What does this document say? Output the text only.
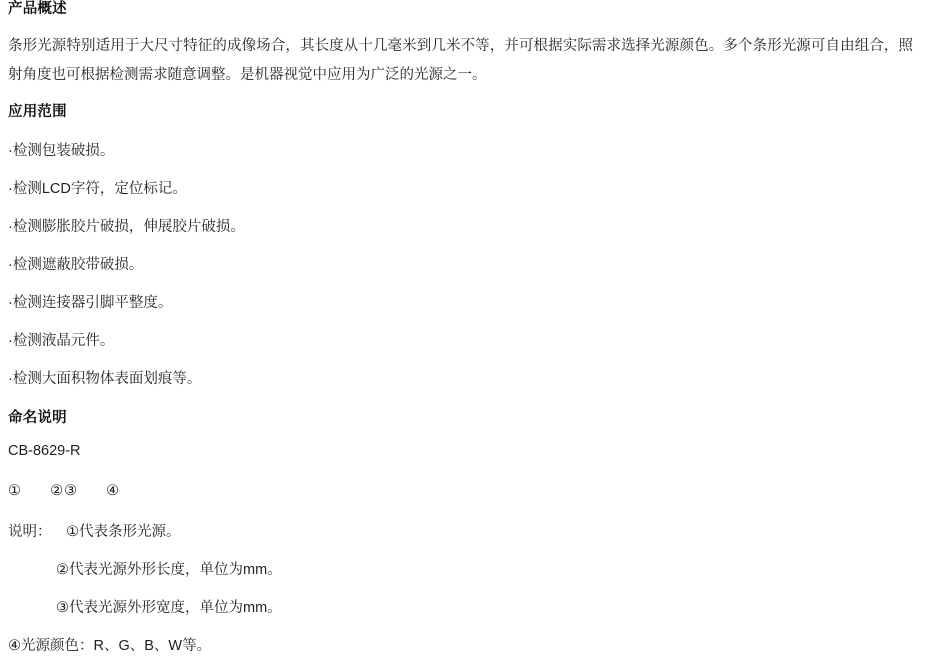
产品概述
条形光源特别适用于大尺寸特征的成像场合，其长度从十几毫米到几米不等，并可根据实际需求选择光源颜色。多个条形光源可自由组合，照射角度也可根据检测需求随意调整。是机器视觉中应用为广泛的光源之一。
应用范围
·检测包装破损。
·检测LCD字符，定位标记。
·检测膨胀胶片破损，伸展胶片破损。
·检测遮蔽胶带破损。
·检测连接器引脚平整度。
·检测液晶元件。
·检测大面积物体表面划痕等。
命名说明
CB-8629-R
① ②③ ④
说明： ①代表条形光源。
②代表光源外形长度，单位为mm。
③代表光源外形宽度，单位为mm。
④光源颜色：R、G、B、W等。
